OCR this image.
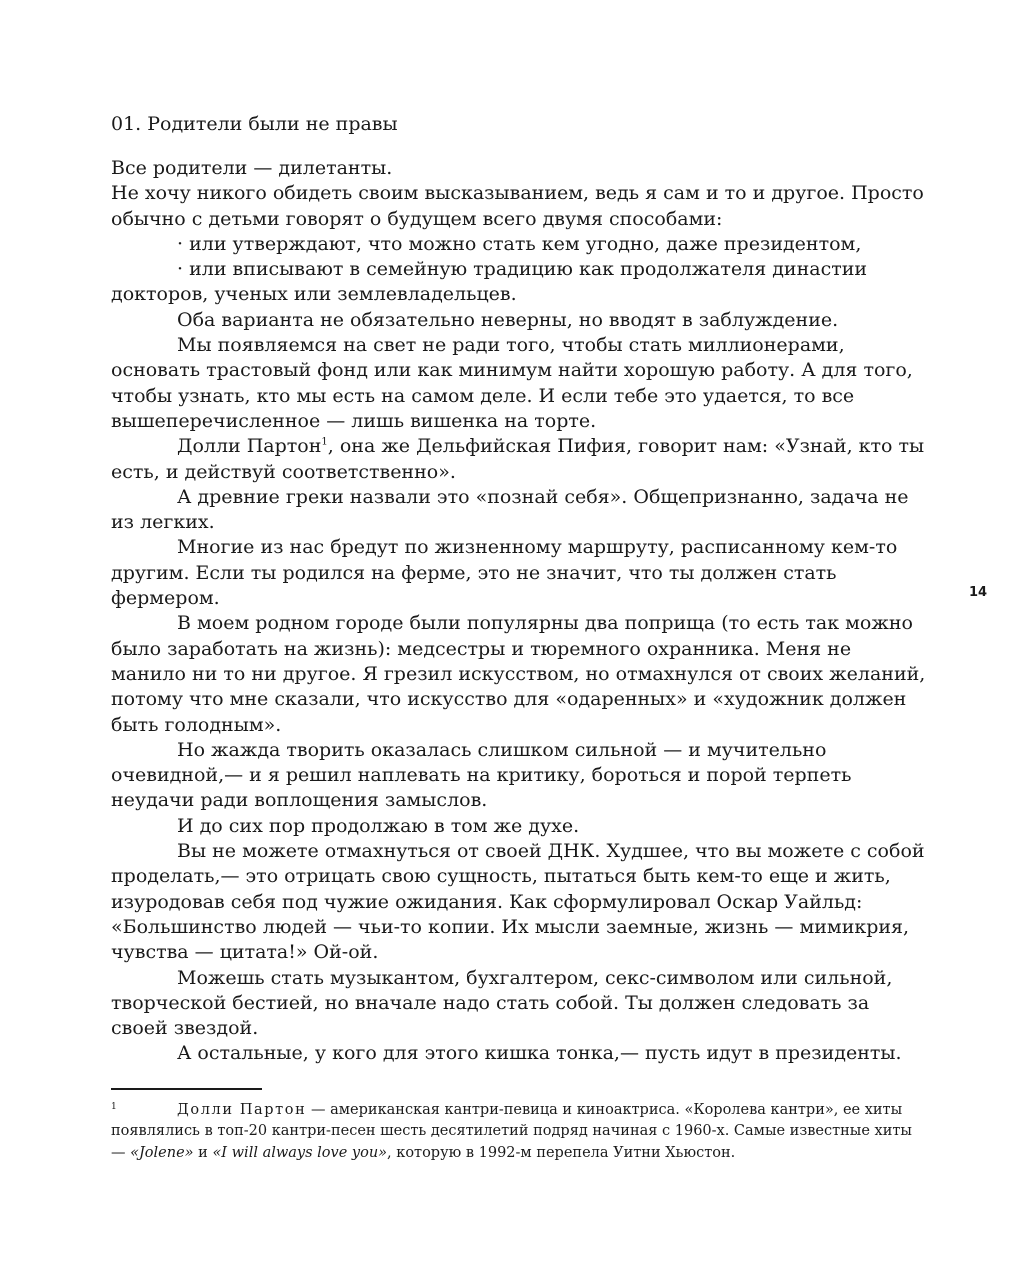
01. Родители были не правы

Все родители — дилетанты.

Не хочу никого обидеть своим высказыванием, ведь я сам и то и другое. Просто обычно с детьми говорят о будущем всего двумя способами:

· или утверждают, что можно стать кем угодно, даже президентом,

· или вписывают в семейную традицию как продолжателя династии докторов, ученых или землевладельцев.

Оба варианта не обязательно неверны, но вводят в заблуждение.

Мы появляемся на свет не ради того, чтобы стать миллионерами, основать трастовый фонд или как минимум найти хорошую работу. А для того, чтобы узнать, кто мы есть на самом деле. И если тебе это удается, то все вышеперечисленное — лишь вишенка на торте.

Долли Партон$^1$, она же Дельфийская Пифия, говорит нам: «Узнай, кто ты есть, и действуй соответственно».

А древние греки назвали это «познай себя». Общепризнанно, задача не из легких.

Многие из нас бредут по жизненному маршруту, расписанному кем-то другим. Если ты родился на ферме, это не значит, что ты должен стать фермером.

В моем родном городе были популярны два поприща (то есть так можно было заработать на жизнь): медсестры и тюремного охранника. Меня не манило ни то ни другое. Я грезил искусством, но отмахнулся от своих желаний, потому что мне сказали, что искусство для «одаренных» и «художник должен быть голодным».

Но жажда творить оказалась слишком сильной — и мучительно очевидной,— и я решил наплевать на критику, бороться и порой терпеть неудачи ради воплощения замыслов.

И до сих пор продолжаю в том же духе.

Вы не можете отмахнуться от своей ДНК. Худшее, что вы можете с собой проделать,— это отрицать свою сущность, пытаться быть кем-то еще и жить, изуродовав себя под чужие ожидания. Как сформулировал Оскар Уайльд: «Большинство людей — чьи-то копии. Их мысли заемные, жизнь — мимикрия, чувства — цитата!» Ой-ой.

Можешь стать музыкантом, бухгалтером, секс-символом или сильной, творческой бестией, но вначале надо стать собой. Ты должен следовать за своей звездой.

А остальные, у кого для этого кишка тонка,— пусть идут в президенты.

14
1	Долли Партон — американская кантри-певица и киноактриса. «Королева кантри», ее хиты появлялись в топ-20 кантри-песен шесть десятилетий подряд начиная с 1960-х. Самые известные хиты — «Jolene» и «I will always love you», которую в 1992-м перепела Уитни Хьюстон.
